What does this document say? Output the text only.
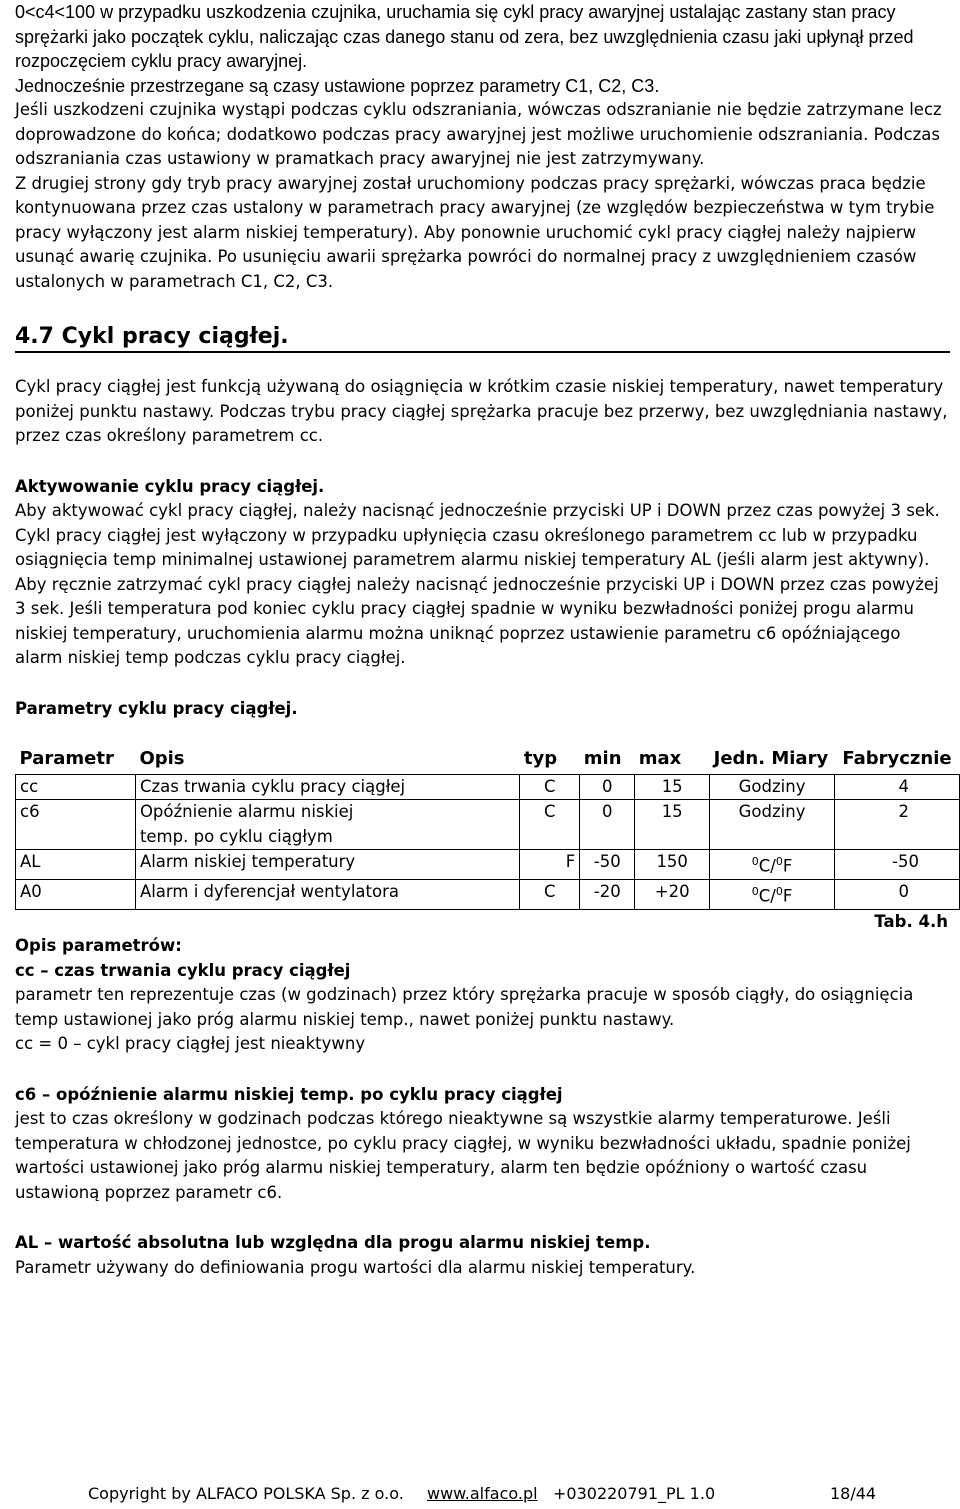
0<c4<100 w przypadku uszkodzenia czujnika, uruchamia się cykl pracy awaryjnej ustalając zastany stan pracy sprężarki jako początek cyklu, naliczając czas danego stanu od zera, bez uwzględnienia czasu jaki upłynął przed rozpoczęciem cyklu pracy awaryjnej.

Jednocześnie przestrzegane są czasy ustawione poprzez parametry C1, C2, C3.

Jeśli uszkodzeni czujnika wystąpi podczas cyklu odszraniania, wówczas odszranianie nie będzie zatrzymane lecz doprowadzone do końca; dodatkowo podczas pracy awaryjnej jest możliwe uruchomienie odszraniania. Podczas odszraniania czas ustawiony w pramatkach pracy awaryjnej nie jest zatrzymywany.

Z drugiej strony gdy tryb pracy awaryjnej został uruchomiony podczas pracy sprężarki, wówczas praca będzie kontynuowana przez czas ustalony w parametrach pracy awaryjnej (ze względów bezpieczeństwa w tym trybie pracy wyłączony jest alarm niskiej temperatury). Aby ponownie uruchomić cykl pracy ciągłej należy najpierw usunąć awarię czujnika. Po usunięciu awarii sprężarka powróci do normalnej pracy z uwzględnieniem czasów ustalonych w parametrach C1, C2, C3.

4.7 Cykl pracy ciągłej.

Cykl pracy ciągłej jest funkcją używaną do osiągnięcia w krótkim czasie niskiej temperatury, nawet temperatury poniżej punktu nastawy. Podczas trybu pracy ciągłej sprężarka pracuje bez przerwy, bez uwzględniania nastawy, przez czas określony parametrem cc.

Aktywowanie cyklu pracy ciągłej.

Aby aktywować cykl pracy ciągłej, należy nacisnąć jednocześnie przyciski UP i DOWN przez czas powyżej 3 sek. Cykl pracy ciągłej jest wyłączony w przypadku upłynięcia czasu określonego parametrem cc lub w przypadku osiągnięcia temp minimalnej ustawionej parametrem alarmu niskiej temperatury AL (jeśli alarm jest aktywny).

Aby ręcznie zatrzymać cykl pracy ciągłej należy nacisnąć jednocześnie przyciski UP i DOWN przez czas powyżej 3 sek. Jeśli temperatura pod koniec cyklu pracy ciągłej spadnie w wyniku bezwładności poniżej progu alarmu niskiej temperatury, uruchomienia alarmu można uniknąć poprzez ustawienie parametru c6 opóźniającego alarm niskiej temp podczas cyklu pracy ciągłej.

Parametry cyklu pracy ciągłej.

Parametr	Opis	typ	min	max	Jedn. Miary	Fabrycznie
cc	Czas trwania cyklu pracy ciągłej	C	0	15	Godziny	4
c6	Opóźnienie alarmu niskiej temp. po cyklu ciągłym	C	0	15	Godziny	2
AL	Alarm niskiej temperatury	F	-50	150	$^0$C/$^0$F	-50
A0	Alarm i dyferencjał wentylatora	C	-20	+20	$^0$C/$^0$F	0

Tab. 4.h

Opis parametrów:

cc – czas trwania cyklu pracy ciągłej

parametr ten reprezentuje czas (w godzinach) przez który sprężarka pracuje w sposób ciągły, do osiągnięcia temp ustawionej jako próg alarmu niskiej temp., nawet poniżej punktu nastawy.

cc = 0 – cykl pracy ciągłej jest nieaktywny

c6 – opóźnienie alarmu niskiej temp. po cyklu pracy ciągłej

jest to czas określony w godzinach podczas którego nieaktywne są wszystkie alarmy temperaturowe. Jeśli temperatura w chłodzonej jednostce, po cyklu pracy ciągłej, w wyniku bezwładności układu, spadnie poniżej wartości ustawionej jako próg alarmu niskiej temperatury, alarm ten będzie opóźniony o wartość czasu ustawioną poprzez parametr c6.

AL – wartość absolutna lub względna dla progu alarmu niskiej temp.

Parametr używany do definiowania progu wartości dla alarmu niskiej temperatury.

Copyright by ALFACO POLSKA Sp. z o.o. www.alfaco.pl +030220791_PL 1.0	18/44
